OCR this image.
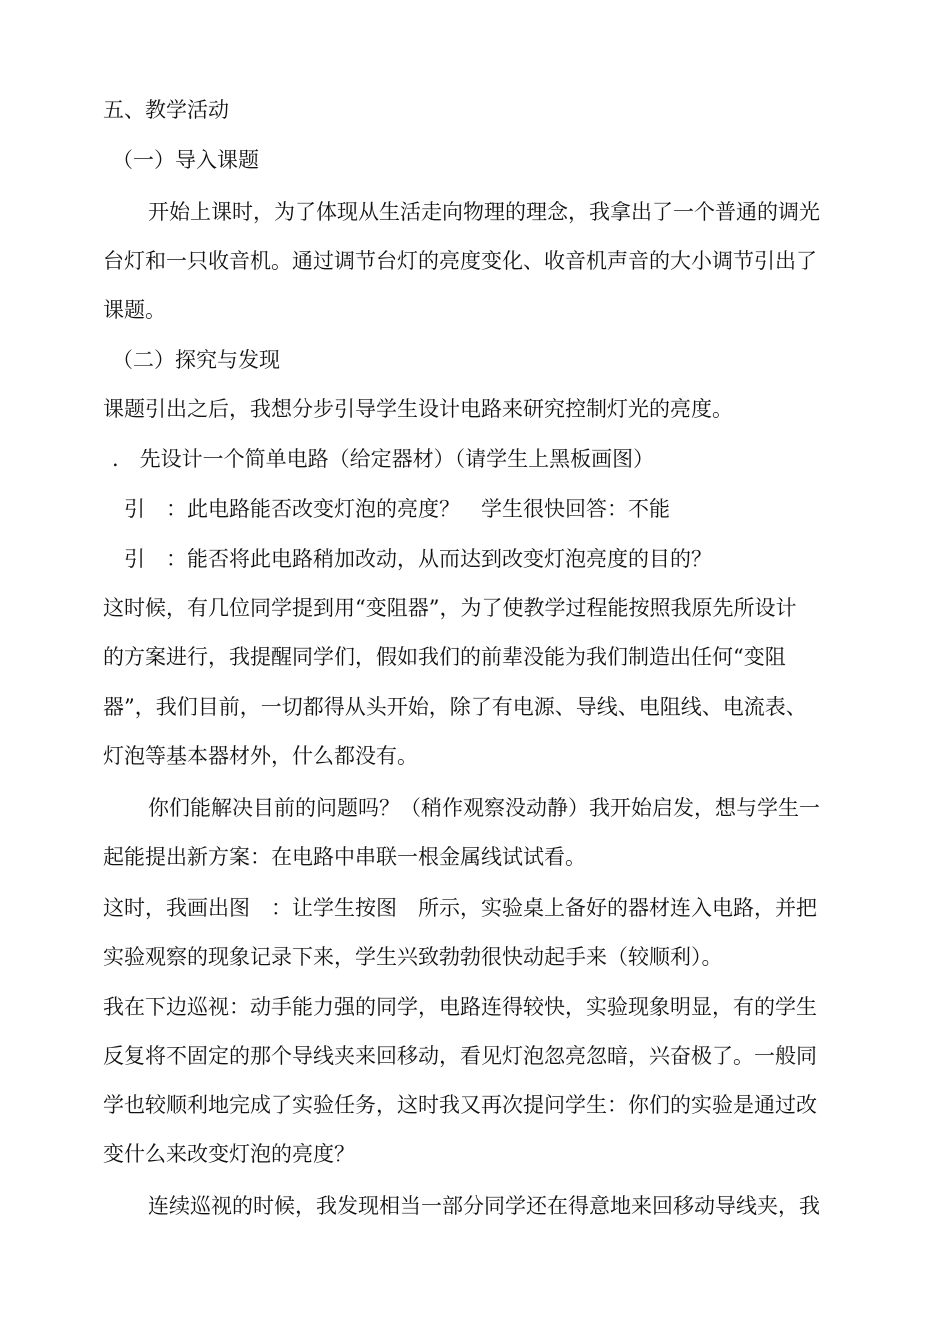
五、教学活动
（一）导入课题
开始上课时，为了体现从生活走向物理的理念，我拿出了一个普通的调光
台灯和一只收音机。通过调节台灯的亮度变化、收音机声音的大小调节引出了
课题。
（二）探究与发现
课题引出之后，我想分步引导学生设计电路来研究控制灯光的亮度。
.　先设计一个简单电路（给定器材）（请学生上黑板画图）
引　：此电路能否改变灯泡的亮度？　学生很快回答：不能
引　：能否将此电路稍加改动，从而达到改变灯泡亮度的目的？
这时候，有几位同学提到用“变阻器”，为了使教学过程能按照我原先所设计
的方案进行，我提醒同学们，假如我们的前辈没能为我们制造出任何“变阻
器”，我们目前，一切都得从头开始，除了有电源、导线、电阻线、电流表、
灯泡等基本器材外，什么都没有。
你们能解决目前的问题吗？（稍作观察没动静）我开始启发，想与学生一
起能提出新方案：在电路中串联一根金属线试试看。
这时，我画出图　：让学生按图　所示，实验桌上备好的器材连入电路，并把
实验观察的现象记录下来，学生兴致勃勃很快动起手来（较顺利）。
我在下边巡视：动手能力强的同学，电路连得较快，实验现象明显，有的学生
反复将不固定的那个导线夹来回移动，看见灯泡忽亮忽暗，兴奋极了。一般同
学也较顺利地完成了实验任务，这时我又再次提问学生：你们的实验是通过改
变什么来改变灯泡的亮度？
连续巡视的时候，我发现相当一部分同学还在得意地来回移动导线夹，我
